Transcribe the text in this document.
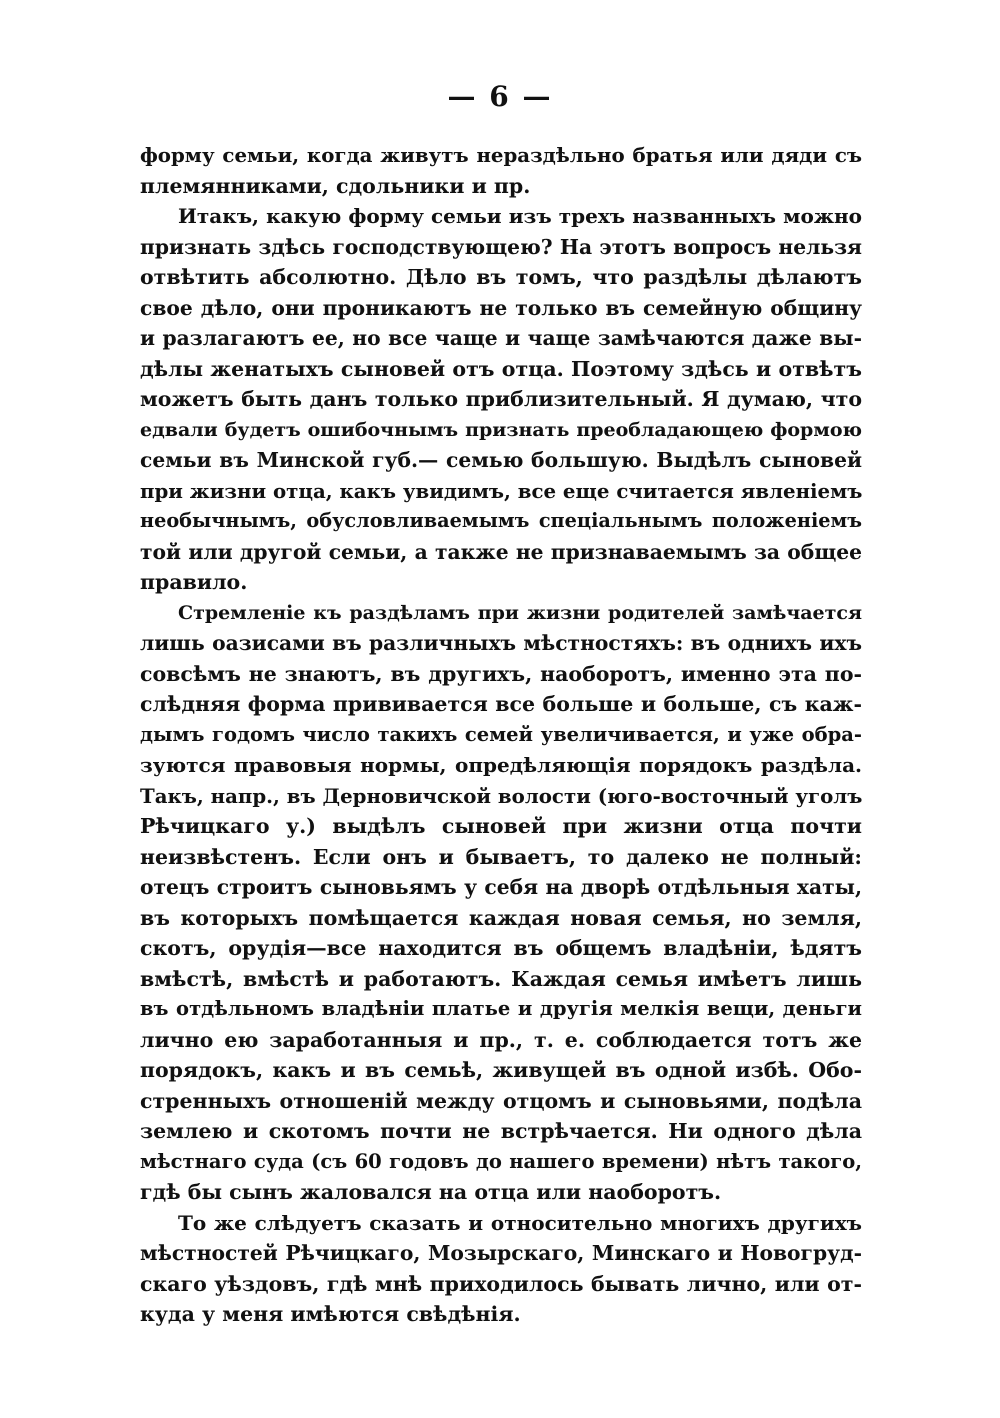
— 6 —
форму семьи, когда живутъ нераздѣльно братья или дяди съ
племянниками, сдольники и пр.
Итакъ, какую форму семьи изъ трехъ названныхъ можно
признать здѣсь господствующею? На этотъ вопросъ нельзя
отвѣтить абсолютно. Дѣло въ томъ, что раздѣлы дѣлаютъ
свое дѣло, они проникаютъ не только въ семейную общину
и разлагаютъ ее, но все чаще и чаще замѣчаются даже вы-
дѣлы женатыхъ сыновей отъ отца. Поэтому здѣсь и отвѣтъ
можетъ быть данъ только приблизительный. Я думаю, что
едвали будетъ ошибочнымъ признать преобладающею формою
семьи въ Минской губ.— семью большую. Выдѣлъ сыновей
при жизни отца, какъ увидимъ, все еще считается явленіемъ
необычнымъ, обусловливаемымъ спеціальнымъ положеніемъ
той или другой семьи, а также не признаваемымъ за общее
правило.
Стремленіе къ раздѣламъ при жизни родителей замѣчается
лишь оазисами въ различныхъ мѣстностяхъ: въ однихъ ихъ
совсѣмъ не знаютъ, въ другихъ, наоборотъ, именно эта по-
слѣдняя форма прививается все больше и больше, съ каж-
дымъ годомъ число такихъ семей увеличивается, и уже обра-
зуются правовыя нормы, опредѣляющія порядокъ раздѣла.
Такъ, напр., въ Дерновичской волости (юго-восточный уголъ
Рѣчицкаго у.) выдѣлъ сыновей при жизни отца почти
неизвѣстенъ. Если онъ и бываетъ, то далеко не полный:
отецъ строитъ сыновьямъ у себя на дворѣ отдѣльныя хаты,
въ которыхъ помѣщается каждая новая семья, но земля,
скотъ, орудія—все находится въ общемъ владѣніи, ѣдятъ
вмѣстѣ, вмѣстѣ и работаютъ. Каждая семья имѣетъ лишь
въ отдѣльномъ владѣніи платье и другія мелкія вещи, деньги
лично ею заработанныя и пр., т. е. соблюдается тотъ же
порядокъ, какъ и въ семьѣ, живущей въ одной избѣ. Обо-
стренныхъ отношеній между отцомъ и сыновьями, подѣла
землею и скотомъ почти не встрѣчается. Ни одного дѣла
мѣстнаго суда (съ 60 годовъ до нашего времени) нѣтъ такого,
гдѣ бы сынъ жаловался на отца или наоборотъ.
То же слѣдуетъ сказать и относительно многихъ другихъ
мѣстностей Рѣчицкаго, Мозырскаго, Минскаго и Новогруд-
скаго уѣздовъ, гдѣ мнѣ приходилось бывать лично, или от-
куда у меня имѣются свѣдѣнія.
